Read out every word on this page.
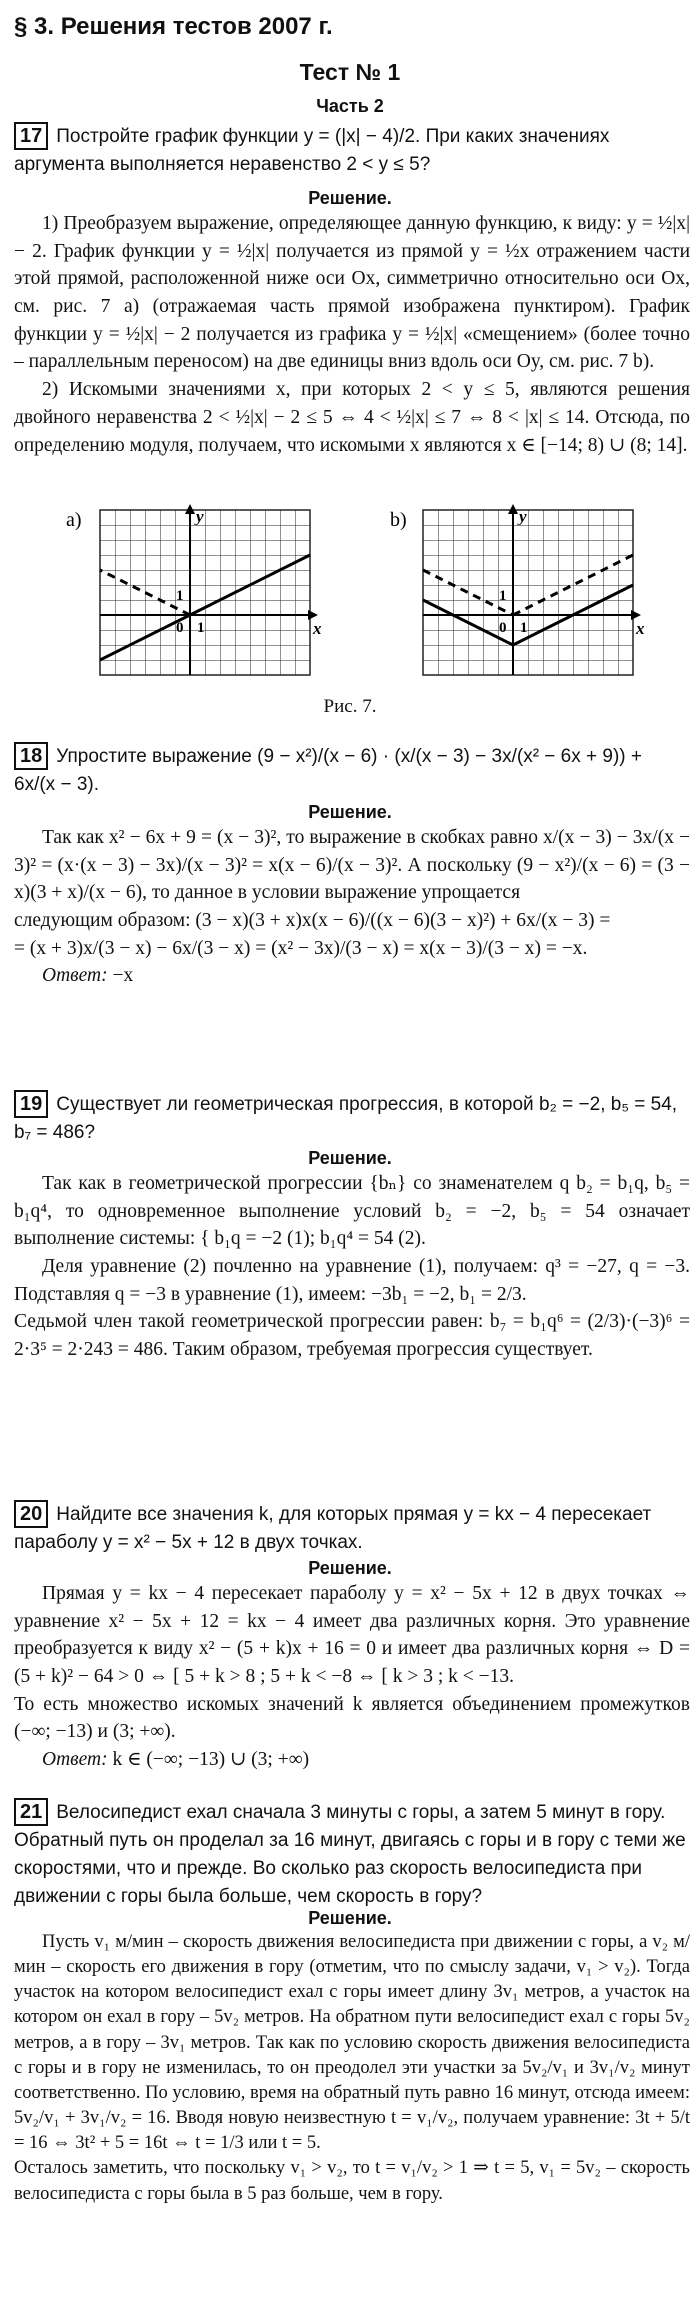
§ 3. Решения тестов 2007 г.
Тест № 1
Часть 2
17 Постройте график функции y = (|x| − 4)/2. При каких значениях аргумента выполняется неравенство 2 < y ≤ 5?
Решение.

1) Преобразуем выражение, определяющее данную функцию, к виду: y = ½|x| − 2. График функции y = ½|x| получается из прямой y = ½x отражением части этой прямой, расположенной ниже оси Ox, симметрично относительно оси Ox, см. рис. 7 a) (отражаемая часть прямой изображена пунктиром). График функции y = ½|x| − 2 получается из графика y = ½|x| «смещением» (более точно – параллельным переносом) на две единицы вниз вдоль оси Oy, см. рис. 7 b).

2) Искомыми значениями x, при которых 2 < y ≤ 5, являются решения двойного неравенства 2 < ½|x| − 2 ≤ 5 ⇔ 4 < ½|x| ≤ 7 ⇔ 8 < |x| ≤ 14. Отсюда, по определению модуля, получаем, что искомыми x являются x ∈ [−14; 8) ∪ (8; 14].

a)	y
x
0 1
1
b)	y
x
0 1
1
Рис. 7.
18 Упростите выражение (9 − x²)/(x − 6) · (x/(x − 3) − 3x/(x² − 6x + 9)) + 6x/(x − 3).
Решение.

Так как x² − 6x + 9 = (x − 3)², то выражение в скобках равно x/(x − 3) − 3x/(x − 3)² = (x·(x − 3) − 3x)/(x − 3)² = x(x − 6)/(x − 3)². А поскольку (9 − x²)/(x − 6) = (3 − x)(3 + x)/(x − 6), то данное в условии выражение упрощается

следующим образом: (3 − x)(3 + x)x(x − 6)/((x − 6)(3 − x)²) + 6x/(x − 3) =

= (x + 3)x/(3 − x) − 6x/(3 − x) = (x² − 3x)/(3 − x) = x(x − 3)/(3 − x) = −x.

Ответ: −x

19 Существует ли геометрическая прогрессия, в которой b₂ = −2, b₅ = 54, b₇ = 486?
Решение.

Так как в геометрической прогрессии {bₙ} со знаменателем q b₂ = b₁q, b₅ = b₁q⁴, то одновременное выполнение условий b₂ = −2, b₅ = 54 означает выполнение системы: { b₁q = −2 (1); b₁q⁴ = 54 (2).

Деля уравнение (2) почленно на уравнение (1), получаем: q³ = −27, q = −3. Подставляя q = −3 в уравнение (1), имеем: −3b₁ = −2, b₁ = 2/3.

Седьмой член такой геометрической прогрессии равен: b₇ = b₁q⁶ = (2/3)·(−3)⁶ = 2·3⁵ = 2·243 = 486. Таким образом, требуемая прогрессия существует.

20 Найдите все значения k, для которых прямая y = kx − 4 пересекает параболу y = x² − 5x + 12 в двух точках.
Решение.

Прямая y = kx − 4 пересекает параболу y = x² − 5x + 12 в двух точках ⇔ уравнение x² − 5x + 12 = kx − 4 имеет два различных корня. Это уравнение преобразуется к виду x² − (5 + k)x + 16 = 0 и имеет два различных корня ⇔ D = (5 + k)² − 64 > 0 ⇔ [ 5 + k > 8 ; 5 + k < −8 ⇔ [ k > 3 ; k < −13.

То есть множество искомых значений k является объединением промежутков (−∞; −13) и (3; +∞).

Ответ: k ∈ (−∞; −13) ∪ (3; +∞)

21 Велосипедист ехал сначала 3 минуты с горы, а затем 5 минут в гору. Обратный путь он проделал за 16 минут, двигаясь с горы и в гору с теми же скоростями, что и прежде. Во сколько раз скорость велосипедиста при движении с горы была больше, чем скорость в гору?
Решение.

Пусть v₁ м/мин – скорость движения велосипедиста при движении с горы, а v₂ м/мин – скорость его движения в гору (отметим, что по смыслу задачи, v₁ > v₂). Тогда участок на котором велосипедист ехал с горы имеет длину 3v₁ метров, а участок на котором он ехал в гору – 5v₂ метров. На обратном пути велосипедист ехал с горы 5v₂ метров, а в гору – 3v₁ метров. Так как по условию скорость движения велосипедиста с горы и в гору не изменилась, то он преодолел эти участки за 5v₂/v₁ и 3v₁/v₂ минут соответственно. По условию, время на обратный путь равно 16 минут, отсюда имеем: 5v₂/v₁ + 3v₁/v₂ = 16. Вводя новую неизвестную t = v₁/v₂, получаем уравнение: 3t + 5/t = 16 ⇔ 3t² + 5 = 16t ⇔ t = 1/3 или t = 5.

Осталось заметить, что поскольку v₁ > v₂, то t = v₁/v₂ > 1 ⇒ t = 5, v₁ = 5v₂ – скорость велосипедиста с горы была в 5 раз больше, чем в гору.
